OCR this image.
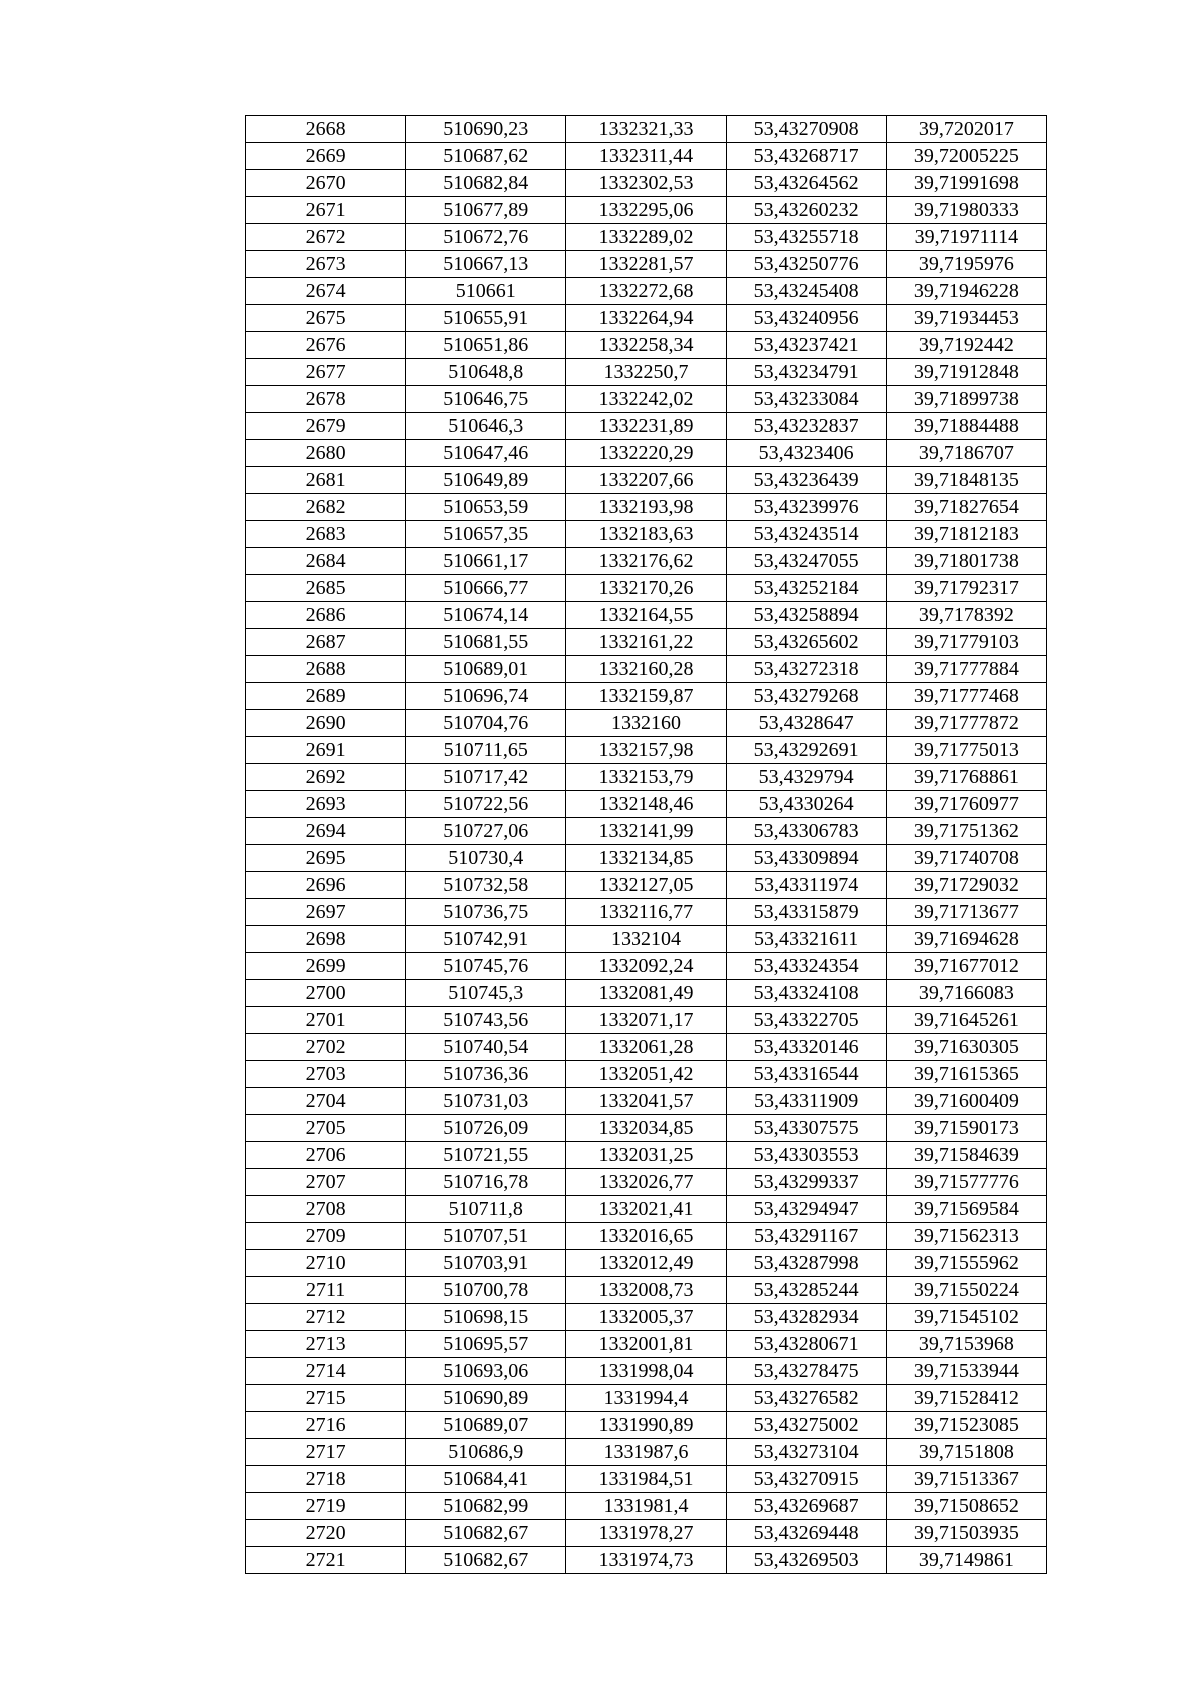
2668	510690,23	1332321,33	53,43270908	39,7202017
2669	510687,62	1332311,44	53,43268717	39,72005225
2670	510682,84	1332302,53	53,43264562	39,71991698
2671	510677,89	1332295,06	53,43260232	39,71980333
2672	510672,76	1332289,02	53,43255718	39,71971114
2673	510667,13	1332281,57	53,43250776	39,7195976
2674	510661	1332272,68	53,43245408	39,71946228
2675	510655,91	1332264,94	53,43240956	39,71934453
2676	510651,86	1332258,34	53,43237421	39,7192442
2677	510648,8	1332250,7	53,43234791	39,71912848
2678	510646,75	1332242,02	53,43233084	39,71899738
2679	510646,3	1332231,89	53,43232837	39,71884488
2680	510647,46	1332220,29	53,4323406	39,7186707
2681	510649,89	1332207,66	53,43236439	39,71848135
2682	510653,59	1332193,98	53,43239976	39,71827654
2683	510657,35	1332183,63	53,43243514	39,71812183
2684	510661,17	1332176,62	53,43247055	39,71801738
2685	510666,77	1332170,26	53,43252184	39,71792317
2686	510674,14	1332164,55	53,43258894	39,7178392
2687	510681,55	1332161,22	53,43265602	39,71779103
2688	510689,01	1332160,28	53,43272318	39,71777884
2689	510696,74	1332159,87	53,43279268	39,71777468
2690	510704,76	1332160	53,4328647	39,71777872
2691	510711,65	1332157,98	53,43292691	39,71775013
2692	510717,42	1332153,79	53,4329794	39,71768861
2693	510722,56	1332148,46	53,4330264	39,71760977
2694	510727,06	1332141,99	53,43306783	39,71751362
2695	510730,4	1332134,85	53,43309894	39,71740708
2696	510732,58	1332127,05	53,43311974	39,71729032
2697	510736,75	1332116,77	53,43315879	39,71713677
2698	510742,91	1332104	53,43321611	39,71694628
2699	510745,76	1332092,24	53,43324354	39,71677012
2700	510745,3	1332081,49	53,43324108	39,7166083
2701	510743,56	1332071,17	53,43322705	39,71645261
2702	510740,54	1332061,28	53,43320146	39,71630305
2703	510736,36	1332051,42	53,43316544	39,71615365
2704	510731,03	1332041,57	53,43311909	39,71600409
2705	510726,09	1332034,85	53,43307575	39,71590173
2706	510721,55	1332031,25	53,43303553	39,71584639
2707	510716,78	1332026,77	53,43299337	39,71577776
2708	510711,8	1332021,41	53,43294947	39,71569584
2709	510707,51	1332016,65	53,43291167	39,71562313
2710	510703,91	1332012,49	53,43287998	39,71555962
2711	510700,78	1332008,73	53,43285244	39,71550224
2712	510698,15	1332005,37	53,43282934	39,71545102
2713	510695,57	1332001,81	53,43280671	39,7153968
2714	510693,06	1331998,04	53,43278475	39,71533944
2715	510690,89	1331994,4	53,43276582	39,71528412
2716	510689,07	1331990,89	53,43275002	39,71523085
2717	510686,9	1331987,6	53,43273104	39,7151808
2718	510684,41	1331984,51	53,43270915	39,71513367
2719	510682,99	1331981,4	53,43269687	39,71508652
2720	510682,67	1331978,27	53,43269448	39,71503935
2721	510682,67	1331974,73	53,43269503	39,7149861
